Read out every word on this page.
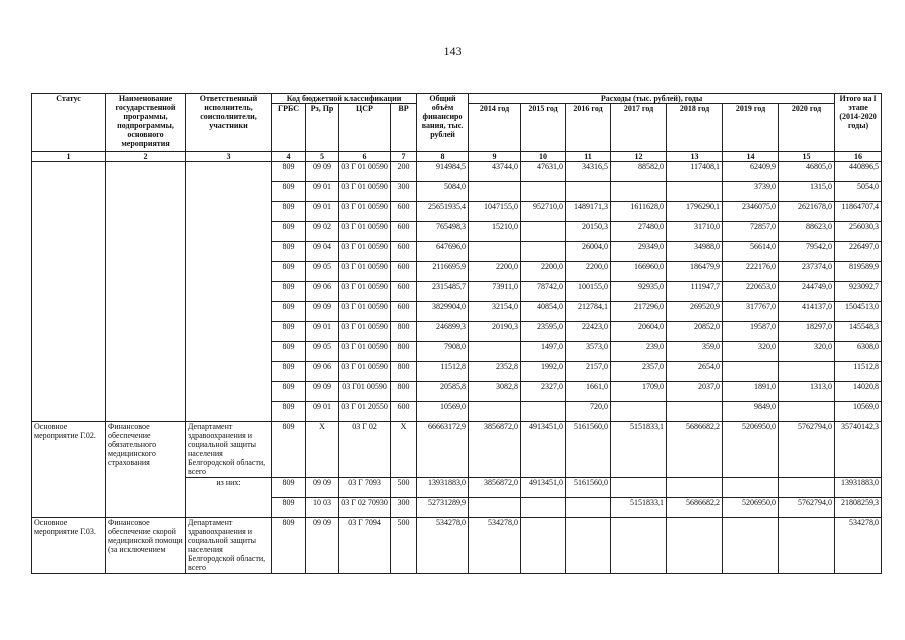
143
Статус	Наименование государственной программы, подпрограммы, основного мероприятия	Ответственный исполнитель, соисполнители, участники	Код бюджетной классификации				Общий объём финансиро вания, тыс. рублей	Расходы (тыс. рублей), годы							Итого на I этапе (2014-2020 годы)
			ГРБС	Рз, Пр	ЦСР	ВР		2014 год	2015 год	2016 год	2017 год	2018 год	2019 год	2020 год	
1	2	3	4	5	6	7	8	9	10	11	12	13	14	15	16
			809	09 09	03 Г 01 00590	200	914984,5	43744,0	47631,0	34316,5	88582,0	117408,1	62409,9	46805,0	440896,5
			809	09 01	03 Г 01 00590	300	5084,0						3739,0	1315,0	5054,0
			809	09 01	03 Г 01 00590	600	25651935,4	1047155,0	952710,0	1489171,3	1611628,0	1796290,1	2346075,0	2621678,0	11864707,4
			809	09 02	03 Г 01 00590	600	765498,3	15210,0		20150,3	27480,0	31710,0	72857,0	88623,0	256030,3
			809	09 04	03 Г 01 00590	600	647696,0			26004,0	29349,0	34988,0	56614,0	79542,0	226497,0
			809	09 05	03 Г 01 00590	600	2116695,9	2200,0	2200,0	2200,0	166960,0	186479,9	222176,0	237374,0	819589,9
			809	09 06	03 Г 01 00590	600	2315485,7	73911,0	78742,0	100155,0	92935,0	111947,7	220653,0	244749,0	923092,7
			809	09 09	03 Г 01 00590	600	3829904,0	32154,0	40854,0	212784,1	217296,0	269520,9	317767,0	414137,0	1504513,0
			809	09 01	03 Г 01 00590	800	246899,3	20190,3	23595,0	22423,0	20604,0	20852,0	19587,0	18297,0	145548,3
			809	09 05	03 Г 01 00590	800	7908,0		1497,0	3573,0	239,0	359,0	320,0	320,0	6308,0
			809	09 06	03 Г 01 00590	800	11512,8	2352,8	1992,0	2157,0	2357,0	2654,0			11512,8
			809	09 09	03 Г01 00590	800	20585,8	3082,8	2327,0	1661,0	1709,0	2037,0	1891,0	1313,0	14020,8
			809	09 01	03 Г 01 20550	600	10569,0			720,0			9849,0		10569,0
Основное мероприятие Г.02.	Финансовое обеспечение обязательного медицинского страхования	Департамент здравоохранения и социальной защиты населения Белгородской области, всего	809	Х	03 Г 02	Х	66663172,9	3856872,0	4913451,0	5161560,0	5151833,1	5686682,2	5206950,0	5762794,0	35740142,3
		из них:	809	09 09	03 Г 7093	500	13931883,0	3856872,0	4913451,0	5161560,0					13931883,0
			809	10 03	03 Г 02 70930	300	52731289,9				5151833,1	5686682,2	5206950,0	5762794,0	21808259,3
Основное мероприятие Г.03.	Финансовое обеспечение скорой медицинской помощи (за исключением	Департамент здравоохранения и социальной защиты населения Белгородской области, всего	809	09 09	03 Г 7094	500	534278,0	534278,0							534278,0
